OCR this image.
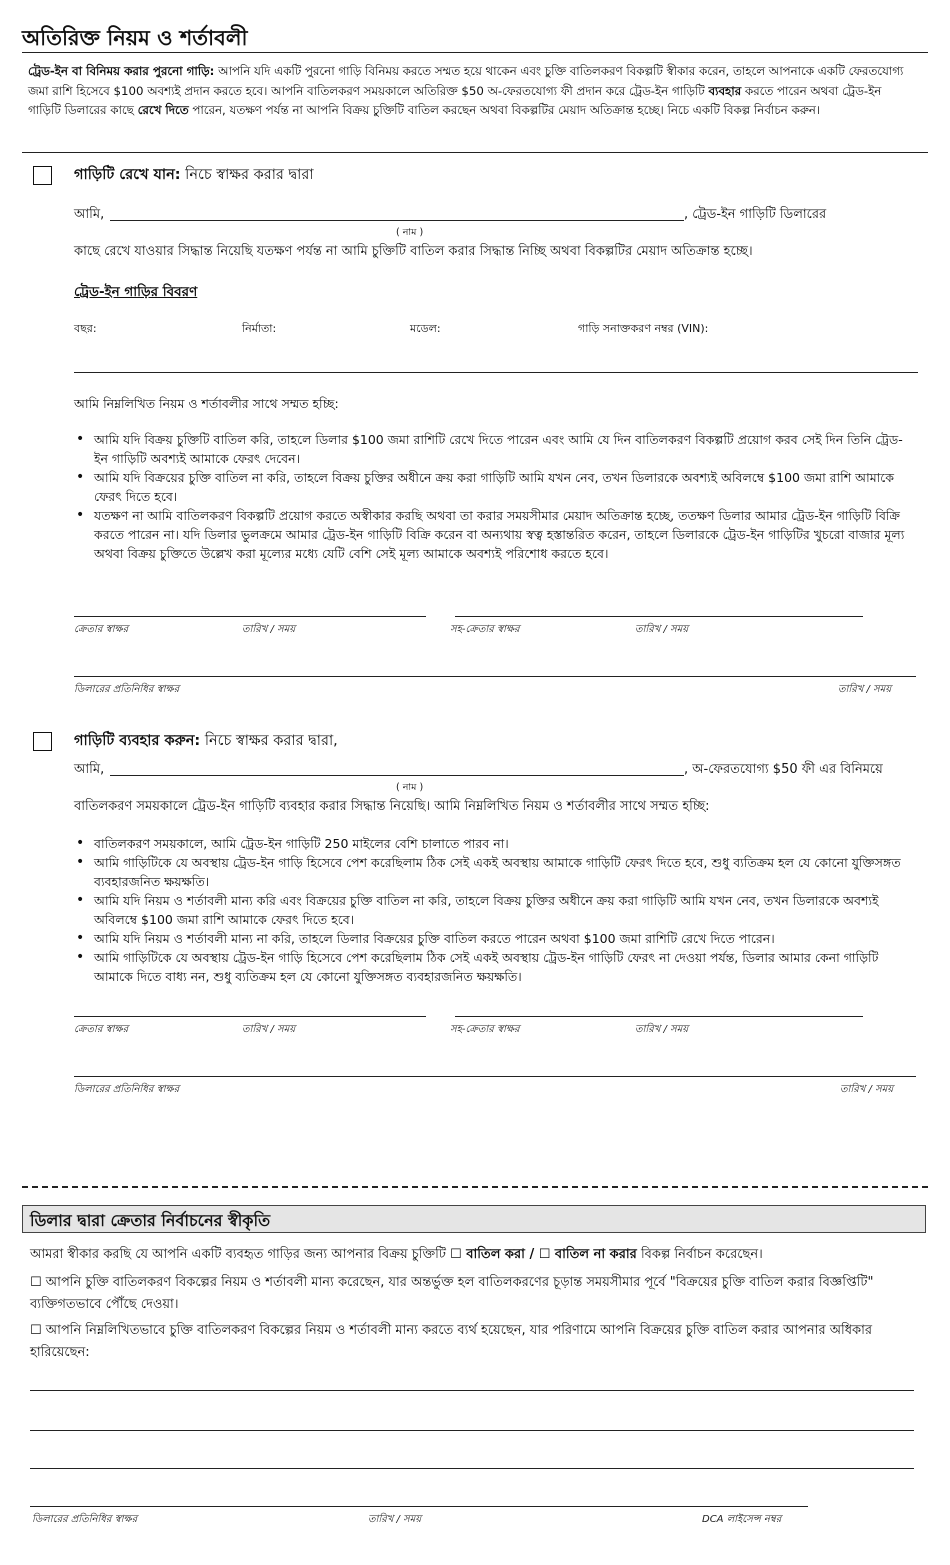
অতিরিক্ত নিয়ম ও শর্তাবলী
ট্রেড-ইন বা বিনিময় করার পুরনো গাড়ি: আপনি যদি একটি পুরনো গাড়ি বিনিময় করতে সম্মত হয়ে থাকেন এবং চুক্তি বাতিলকরণ বিকল্পটি স্বীকার করেন, তাহলে আপনাকে একটি ফেরতযোগ্য জমা রাশি হিসেবে $100 অবশ্যই প্রদান করতে হবে। আপনি বাতিলকরণ সময়কালে অতিরিক্ত $50 অ-ফেরতযোগ্য ফী প্রদান করে ট্রেড-ইন গাড়িটি ব্যবহার করতে পারেন অথবা ট্রেড-ইন গাড়িটি ডিলারের কাছে রেখে দিতে পারেন, যতক্ষণ পর্যন্ত না আপনি বিক্রয় চুক্তিটি বাতিল করছেন অথবা বিকল্পটির মেয়াদ অতিক্রান্ত হচ্ছে। নিচে একটি বিকল্প নির্বাচন করুন।
গাড়িটি রেখে যান: নিচে স্বাক্ষর করার দ্বারা
আমি,	, ট্রেড-ইন গাড়িটি ডিলারের
( নাম )
কাছে রেখে যাওয়ার সিদ্ধান্ত নিয়েছি যতক্ষণ পর্যন্ত না আমি চুক্তিটি বাতিল করার সিদ্ধান্ত নিচ্ছি অথবা বিকল্পটির মেয়াদ অতিক্রান্ত হচ্ছে।
ট্রেড-ইন গাড়ির বিবরণ
বছর:	নির্মাতা:	মডেল:	গাড়ি সনাক্তকরণ নম্বর (VIN):
আমি নিম্নলিখিত নিয়ম ও শর্তাবলীর সাথে সম্মত হচ্ছি:
• আমি যদি বিক্রয় চুক্তিটি বাতিল করি, তাহলে ডিলার $100 জমা রাশিটি রেখে দিতে পারেন এবং আমি যে দিন বাতিলকরণ বিকল্পটি প্রয়োগ করব সেই দিন তিনি ট্রেড-ইন গাড়িটি অবশ্যই আমাকে ফেরৎ দেবেন।
• আমি যদি বিক্রয়ের চুক্তি বাতিল না করি, তাহলে বিক্রয় চুক্তির অধীনে ক্রয় করা গাড়িটি আমি যখন নেব, তখন ডিলারকে অবশ্যই অবিলম্বে $100 জমা রাশি আমাকে ফেরৎ দিতে হবে।
• যতক্ষণ না আমি বাতিলকরণ বিকল্পটি প্রয়োগ করতে অস্বীকার করছি অথবা তা করার সময়সীমার মেয়াদ অতিক্রান্ত হচ্ছে, ততক্ষণ ডিলার আমার ট্রেড-ইন গাড়িটি বিক্রি করতে পারেন না। যদি ডিলার ভুলক্রমে আমার ট্রেড-ইন গাড়িটি বিক্রি করেন বা অন্যথায় স্বত্ব হস্তান্তরিত করেন, তাহলে ডিলারকে ট্রেড-ইন গাড়িটির খুচরো বাজার মূল্য অথবা বিক্রয় চুক্তিতে উল্লেখ করা মূল্যের মধ্যে যেটি বেশি সেই মূল্য আমাকে অবশ্যই পরিশোধ করতে হবে।
ক্রেতার স্বাক্ষর	তারিখ / সময়	সহ-ক্রেতার স্বাক্ষর	তারিখ / সময়
ডিলারের প্রতিনিধির স্বাক্ষর	তারিখ / সময়
গাড়িটি ব্যবহার করুন: নিচে স্বাক্ষর করার দ্বারা,
আমি,	, অ-ফেরতযোগ্য $50 ফী এর বিনিময়ে
( নাম )
বাতিলকরণ সময়কালে ট্রেড-ইন গাড়িটি ব্যবহার করার সিদ্ধান্ত নিয়েছি। আমি নিম্নলিখিত নিয়ম ও শর্তাবলীর সাথে সম্মত হচ্ছি:
• বাতিলকরণ সময়কালে, আমি ট্রেড-ইন গাড়িটি 250 মাইলের বেশি চালাতে পারব না।
• আমি গাড়িটিকে যে অবস্থায় ট্রেড-ইন গাড়ি হিসেবে পেশ করেছিলাম ঠিক সেই একই অবস্থায় আমাকে গাড়িটি ফেরৎ দিতে হবে, শুধু ব্যতিক্রম হল যে কোনো যুক্তিসঙ্গত ব্যবহারজনিত ক্ষয়ক্ষতি।
• আমি যদি নিয়ম ও শর্তাবলী মান্য করি এবং বিক্রয়ের চুক্তি বাতিল না করি, তাহলে বিক্রয় চুক্তির অধীনে ক্রয় করা গাড়িটি আমি যখন নেব, তখন ডিলারকে অবশ্যই অবিলম্বে $100 জমা রাশি আমাকে ফেরৎ দিতে হবে।
• আমি যদি নিয়ম ও শর্তাবলী মান্য না করি, তাহলে ডিলার বিক্রয়ের চুক্তি বাতিল করতে পারেন অথবা $100 জমা রাশিটি রেখে দিতে পারেন।
• আমি গাড়িটিকে যে অবস্থায় ট্রেড-ইন গাড়ি হিসেবে পেশ করেছিলাম ঠিক সেই একই অবস্থায় ট্রেড-ইন গাড়িটি ফেরৎ না দেওয়া পর্যন্ত, ডিলার আমার কেনা গাড়িটি আমাকে দিতে বাধ্য নন, শুধু ব্যতিক্রম হল যে কোনো যুক্তিসঙ্গত ব্যবহারজনিত ক্ষয়ক্ষতি।
ক্রেতার স্বাক্ষর	তারিখ / সময়	সহ-ক্রেতার স্বাক্ষর	তারিখ / সময়
ডিলারের প্রতিনিধির স্বাক্ষর	তারিখ / সময়
ডিলার দ্বারা ক্রেতার নির্বাচনের স্বীকৃতি
আমরা স্বীকার করছি যে আপনি একটি ব্যবহৃত গাড়ির জন্য আপনার বিক্রয় চুক্তিটি ☐ বাতিল করা / ☐ বাতিল না করার বিকল্প নির্বাচন করেছেন।
☐ আপনি চুক্তি বাতিলকরণ বিকল্পের নিয়ম ও শর্তাবলী মান্য করেছেন, যার অন্তর্ভুক্ত হল বাতিলকরণের চূড়ান্ত সময়সীমার পূর্বে "বিক্রয়ের চুক্তি বাতিল করার বিজ্ঞপ্তিটি" ব্যক্তিগতভাবে পৌঁছে দেওয়া।
☐ আপনি নিম্নলিখিতভাবে চুক্তি বাতিলকরণ বিকল্পের নিয়ম ও শর্তাবলী মান্য করতে ব্যর্থ হয়েছেন, যার পরিণামে আপনি বিক্রয়ের চুক্তি বাতিল করার আপনার অধিকার হারিয়েছেন:
ডিলারের প্রতিনিধির স্বাক্ষর	তারিখ / সময়	DCA লাইসেন্স নম্বর
